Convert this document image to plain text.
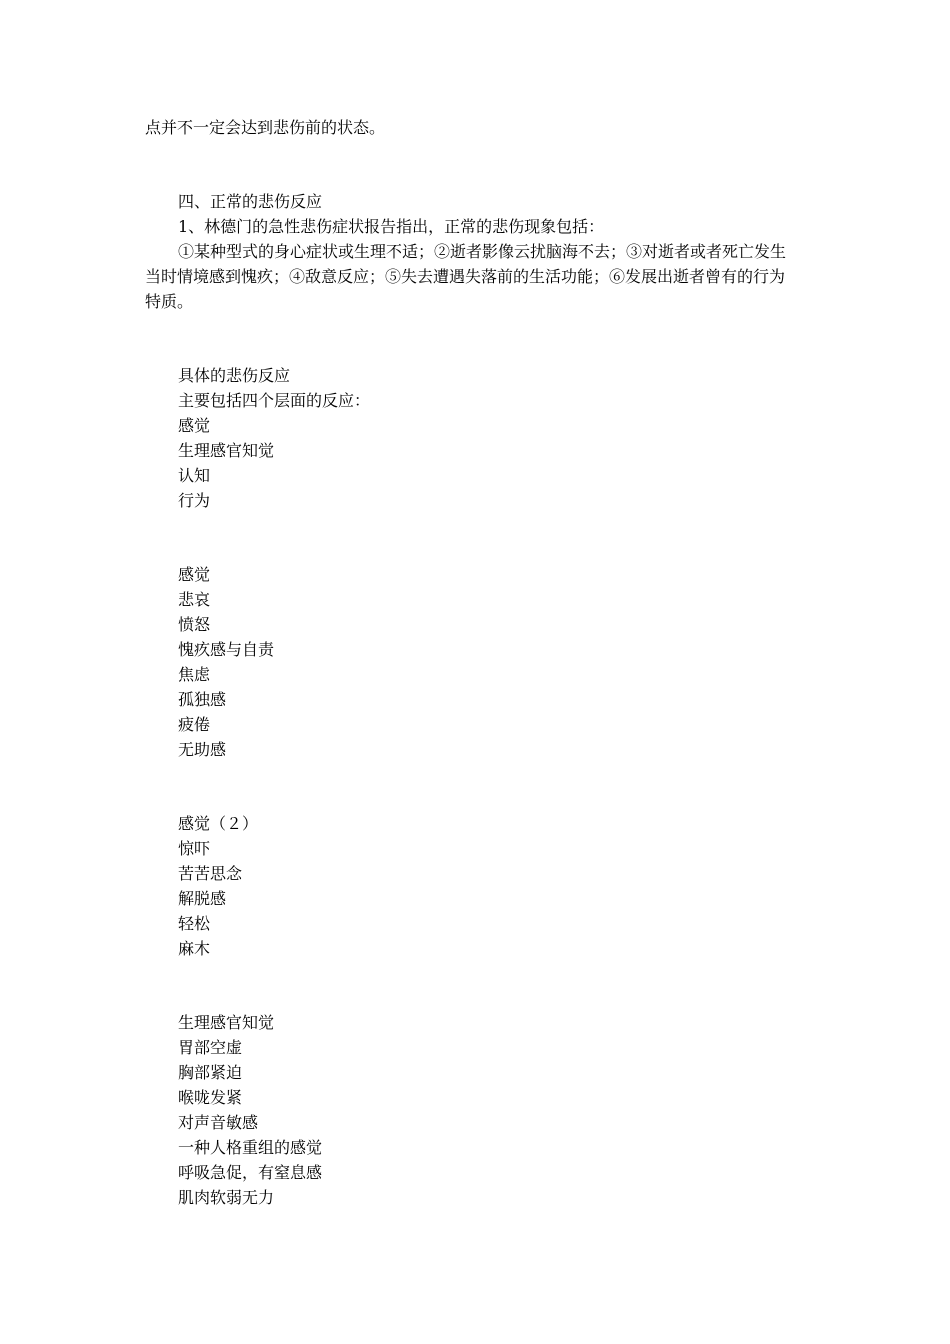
点并不一定会达到悲伤前的状态。
四、正常的悲伤反应
1、林德门的急性悲伤症状报告指出，正常的悲伤现象包括：
①某种型式的身心症状或生理不适；②逝者影像云扰脑海不去；③对逝者或者死亡发生
当时情境感到愧疚；④敌意反应；⑤失去遭遇失落前的生活功能；⑥发展出逝者曾有的行为
特质。
具体的悲伤反应
主要包括四个层面的反应：
感觉
生理感官知觉
认知
行为
感觉
悲哀
愤怒
愧疚感与自责
焦虑
孤独感
疲倦
无助感
感觉（２）
惊吓
苦苦思念
解脱感
轻松
麻木
生理感官知觉
胃部空虚
胸部紧迫
喉咙发紧
对声音敏感
一种人格重组的感觉
呼吸急促，有窒息感
肌肉软弱无力
